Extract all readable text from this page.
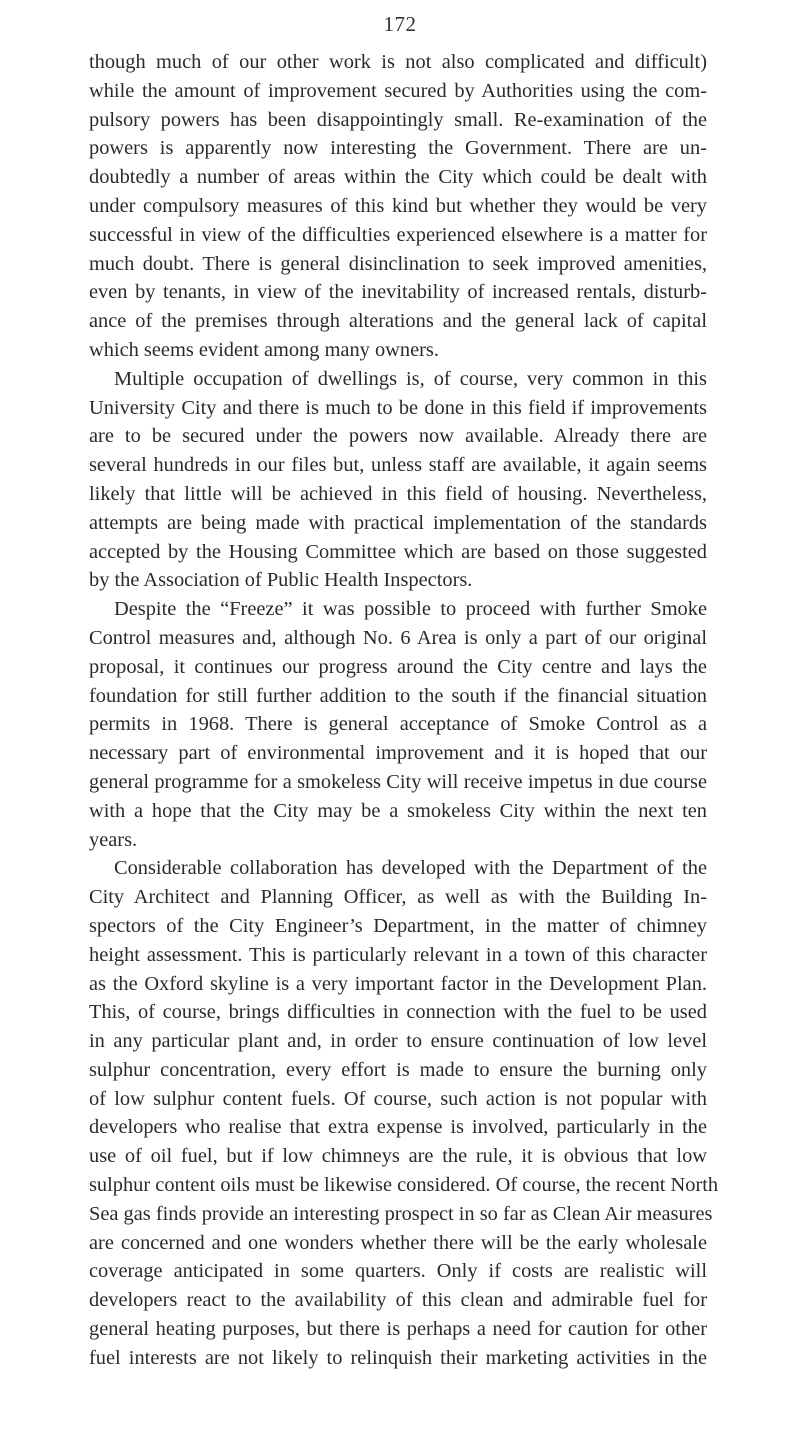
172
though much of our other work is not also complicated and difficult)
while the amount of improvement secured by Authorities using the com-
pulsory powers has been disappointingly small. Re-examination of the
powers is apparently now interesting the Government. There are un-
doubtedly a number of areas within the City which could be dealt with
under compulsory measures of this kind but whether they would be very
successful in view of the difficulties experienced elsewhere is a matter for
much doubt. There is general disinclination to seek improved amenities,
even by tenants, in view of the inevitability of increased rentals, disturb-
ance of the premises through alterations and the general lack of capital
which seems evident among many owners.
Multiple occupation of dwellings is, of course, very common in this
University City and there is much to be done in this field if improvements
are to be secured under the powers now available. Already there are
several hundreds in our files but, unless staff are available, it again seems
likely that little will be achieved in this field of housing. Nevertheless,
attempts are being made with practical implementation of the standards
accepted by the Housing Committee which are based on those suggested
by the Association of Public Health Inspectors.
Despite the “Freeze” it was possible to proceed with further Smoke
Control measures and, although No. 6 Area is only a part of our original
proposal, it continues our progress around the City centre and lays the
foundation for still further addition to the south if the financial situation
permits in 1968. There is general acceptance of Smoke Control as a
necessary part of environmental improvement and it is hoped that our
general programme for a smokeless City will receive impetus in due course
with a hope that the City may be a smokeless City within the next ten
years.
Considerable collaboration has developed with the Department of the
City Architect and Planning Officer, as well as with the Building In-
spectors of the City Engineer’s Department, in the matter of chimney
height assessment. This is particularly relevant in a town of this character
as the Oxford skyline is a very important factor in the Development Plan.
This, of course, brings difficulties in connection with the fuel to be used
in any particular plant and, in order to ensure continuation of low level
sulphur concentration, every effort is made to ensure the burning only
of low sulphur content fuels. Of course, such action is not popular with
developers who realise that extra expense is involved, particularly in the
use of oil fuel, but if low chimneys are the rule, it is obvious that low
sulphur content oils must be likewise considered. Of course, the recent North
Sea gas finds provide an interesting prospect in so far as Clean Air measures
are concerned and one wonders whether there will be the early wholesale
coverage anticipated in some quarters. Only if costs are realistic will
developers react to the availability of this clean and admirable fuel for
general heating purposes, but there is perhaps a need for caution for other
fuel interests are not likely to relinquish their marketing activities in the
